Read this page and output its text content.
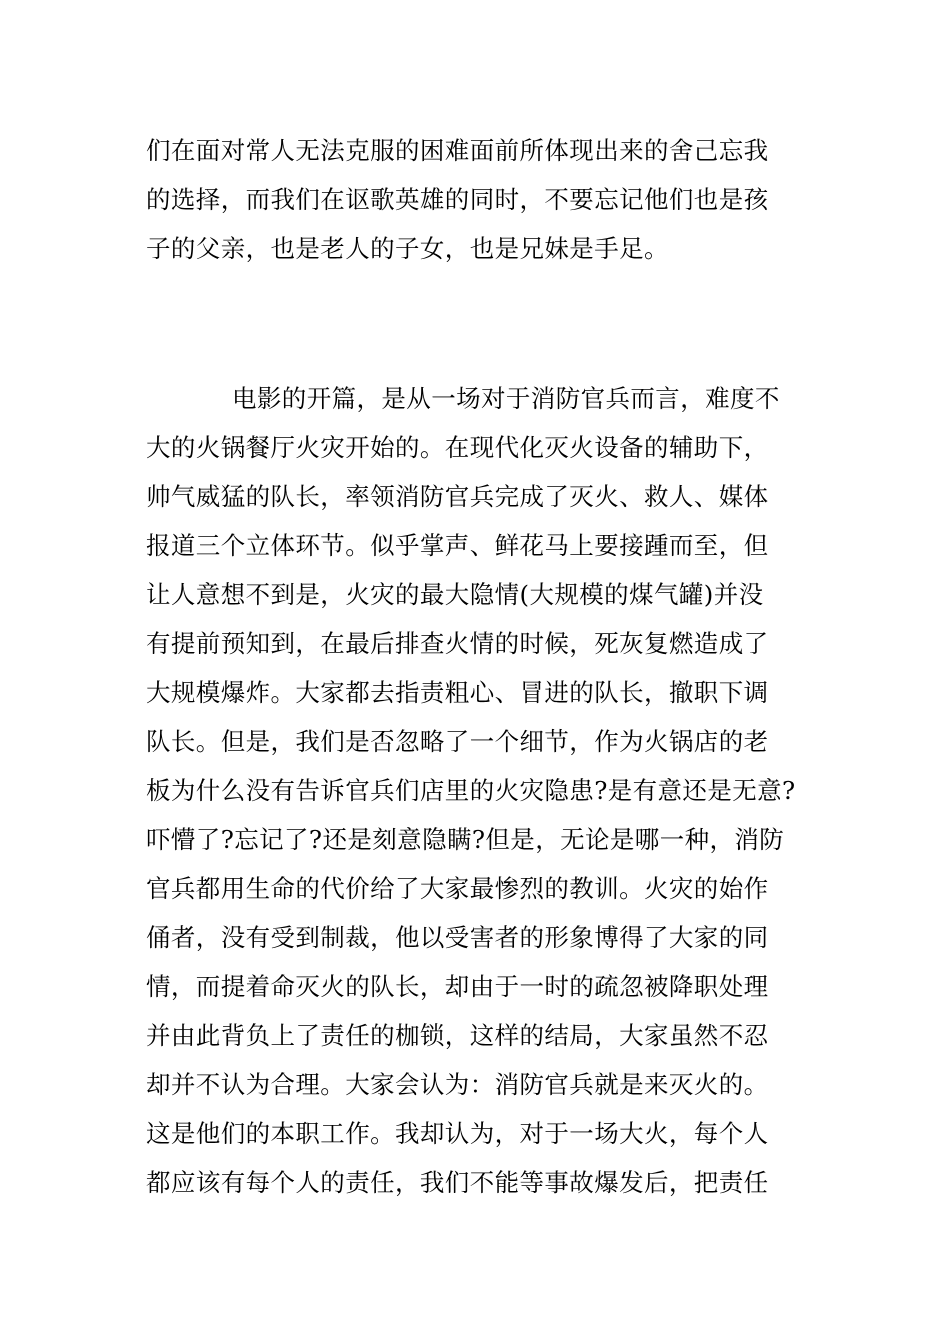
们在面对常人无法克服的困难面前所体现出来的舍己忘我
的选择，而我们在讴歌英雄的同时，不要忘记他们也是孩
子的父亲，也是老人的子女，也是兄妹是手足。
电影的开篇，是从一场对于消防官兵而言，难度不
大的火锅餐厅火灾开始的。在现代化灭火设备的辅助下，
帅气威猛的队长，率领消防官兵完成了灭火、救人、媒体
报道三个立体环节。似乎掌声、鲜花马上要接踵而至，但
让人意想不到是，火灾的最大隐情(大规模的煤气罐)并没
有提前预知到，在最后排查火情的时候，死灰复燃造成了
大规模爆炸。大家都去指责粗心、冒进的队长，撤职下调
队长。但是，我们是否忽略了一个细节，作为火锅店的老
板为什么没有告诉官兵们店里的火灾隐患?是有意还是无意?
吓懵了?忘记了?还是刻意隐瞒?但是，无论是哪一种，消防
官兵都用生命的代价给了大家最惨烈的教训。火灾的始作
俑者，没有受到制裁，他以受害者的形象博得了大家的同
情，而提着命灭火的队长，却由于一时的疏忽被降职处理
并由此背负上了责任的枷锁，这样的结局，大家虽然不忍
却并不认为合理。大家会认为：消防官兵就是来灭火的。
这是他们的本职工作。我却认为，对于一场大火，每个人
都应该有每个人的责任，我们不能等事故爆发后，把责任
